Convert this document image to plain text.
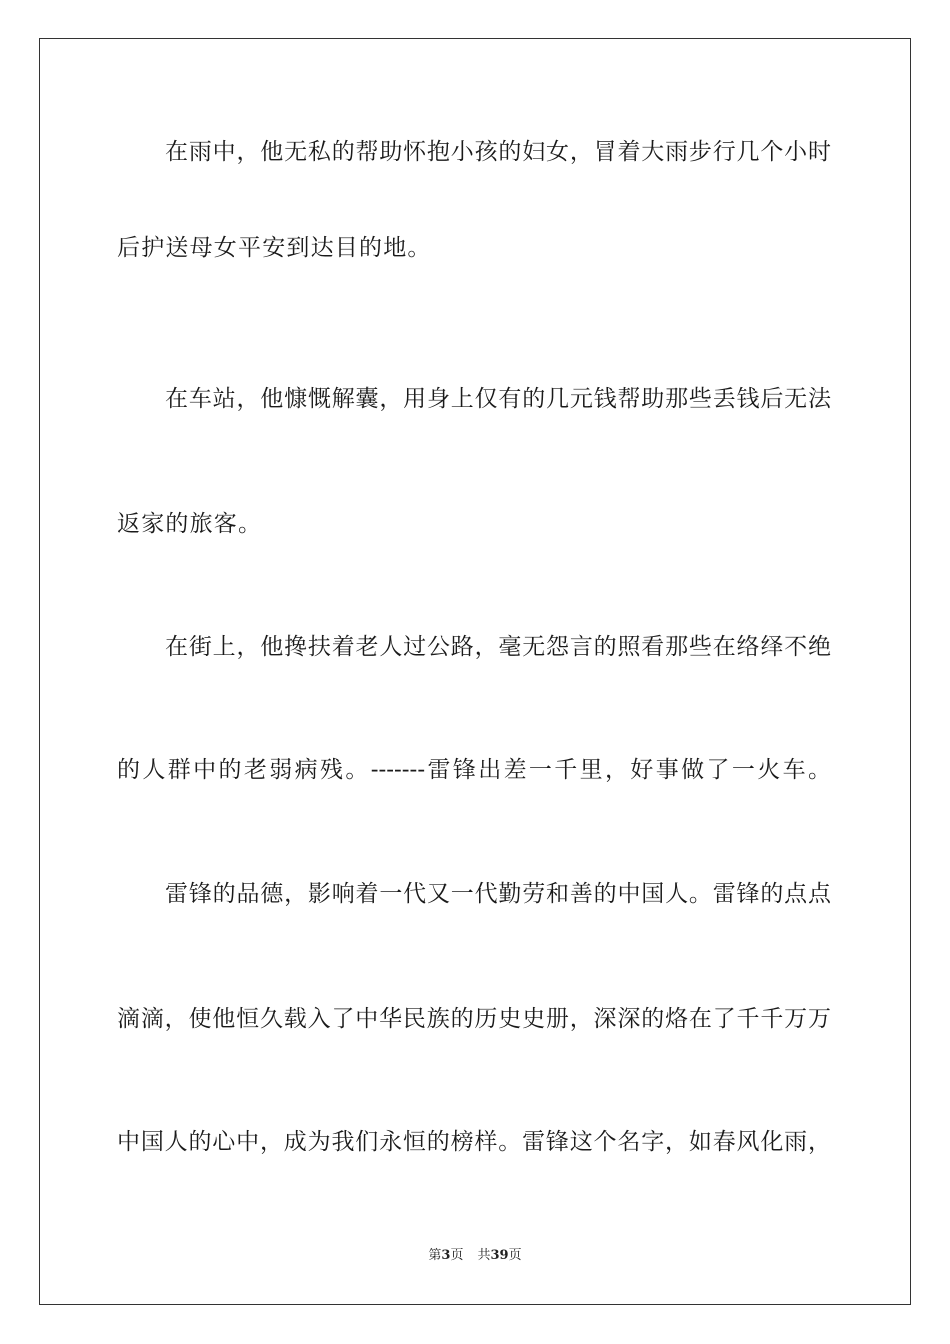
在雨中，他无私的帮助怀抱小孩的妇女，冒着大雨步行几个小时
后护送母女平安到达目的地。
在车站，他慷慨解囊，用身上仅有的几元钱帮助那些丢钱后无法
返家的旅客。
在街上，他搀扶着老人过公路，毫无怨言的照看那些在络绎不绝
的人群中的老弱病残。-------雷锋出差一千里，好事做了一火车。
雷锋的品德，影响着一代又一代勤劳和善的中国人。雷锋的点点
滴滴，使他恒久载入了中华民族的历史史册，深深的烙在了千千万万
中国人的心中，成为我们永恒的榜样。雷锋这个名字，如春风化雨，
第3页 共39页
